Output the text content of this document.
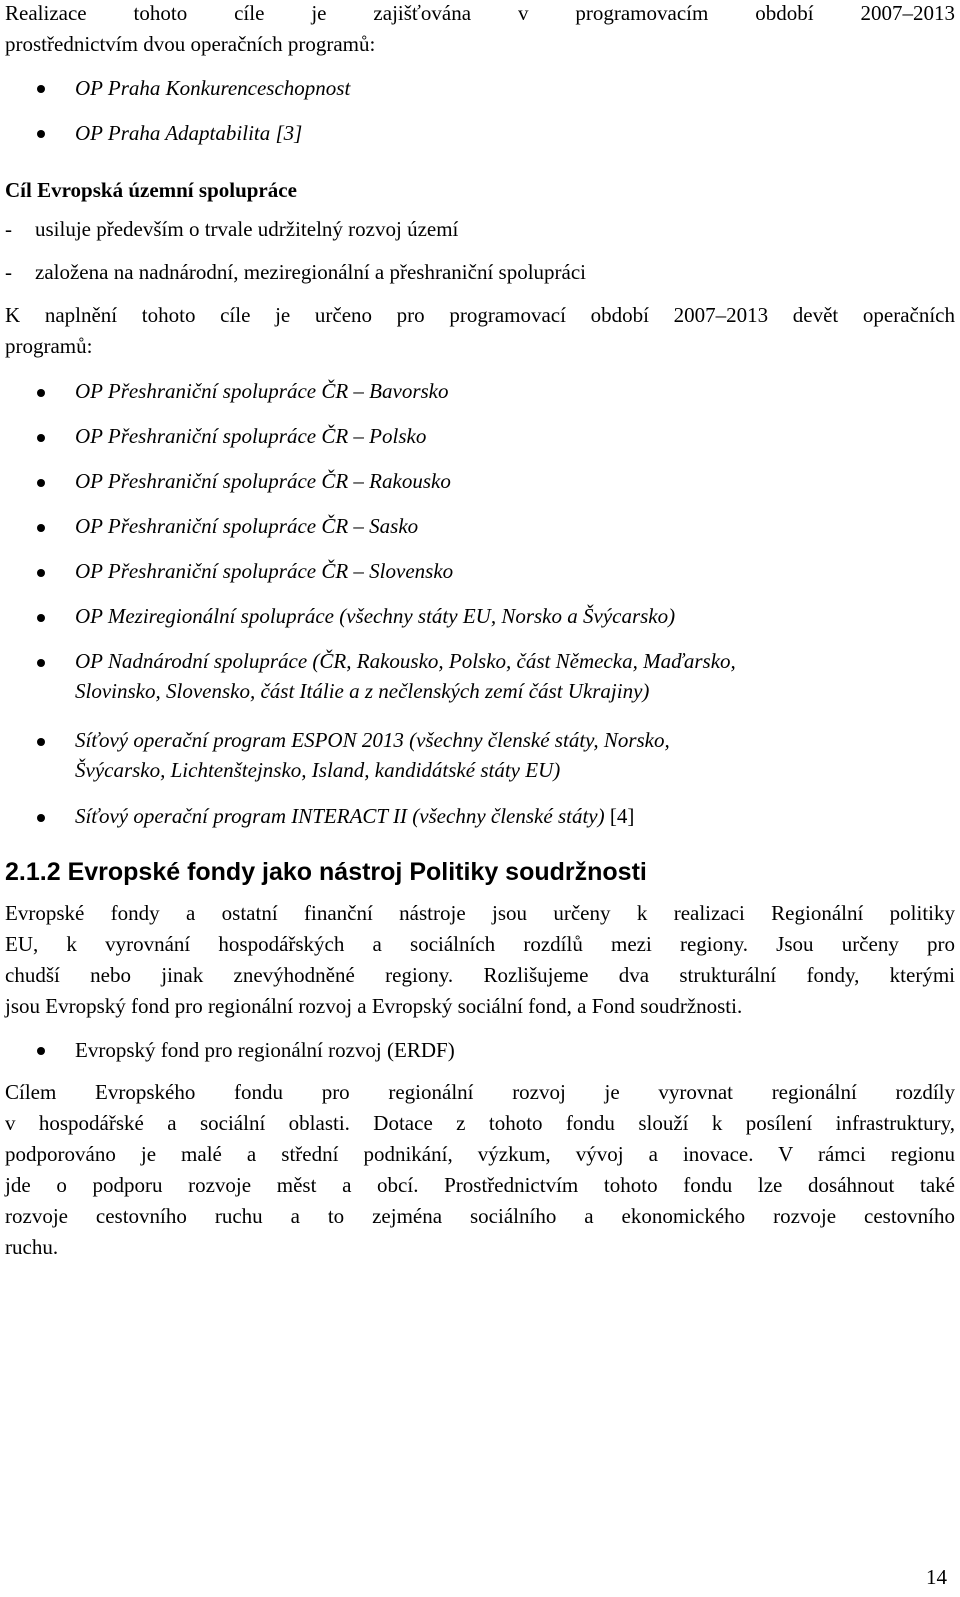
Realizace tohoto cíle je zajišťována v programovacím období 2007–2013
prostřednictvím dvou operačních programů:
OP Praha Konkurenceschopnost
OP Praha Adaptabilita [3]
Cíl Evropská územní spolupráce
- usiluje především o trvale udržitelný rozvoj území
- založena na nadnárodní, meziregionální a přeshraniční spolupráci
K naplnění tohoto cíle je určeno pro programovací období 2007–2013 devět operačních
programů:
OP Přeshraniční spolupráce ČR – Bavorsko
OP Přeshraniční spolupráce ČR – Polsko
OP Přeshraniční spolupráce ČR – Rakousko
OP Přeshraniční spolupráce ČR – Sasko
OP Přeshraniční spolupráce ČR – Slovensko
OP Meziregionální spolupráce (všechny státy EU, Norsko a Švýcarsko)
OP Nadnárodní spolupráce (ČR, Rakousko, Polsko, část Německa, Maďarsko,
Slovinsko, Slovensko, část Itálie a z nečlenských zemí část Ukrajiny)
Síťový operační program ESPON 2013 (všechny členské státy, Norsko,
Švýcarsko, Lichtenštejnsko, Island, kandidátské státy EU)
Síťový operační program INTERACT II (všechny členské státy) [4]
2.1.2 Evropské fondy jako nástroj Politiky soudržnosti
Evropské fondy a ostatní finanční nástroje jsou určeny k realizaci Regionální politiky
EU, k vyrovnání hospodářských a sociálních rozdílů mezi regiony. Jsou určeny pro
chudší nebo jinak znevýhodněné regiony. Rozlišujeme dva strukturální fondy, kterými
jsou Evropský fond pro regionální rozvoj a Evropský sociální fond, a Fond soudržnosti.
Evropský fond pro regionální rozvoj (ERDF)
Cílem Evropského fondu pro regionální rozvoj je vyrovnat regionální rozdíly
v hospodářské a sociální oblasti. Dotace z tohoto fondu slouží k posílení infrastruktury,
podporováno je malé a střední podnikání, výzkum, vývoj a inovace. V rámci regionu
jde o podporu rozvoje měst a obcí. Prostřednictvím tohoto fondu lze dosáhnout také
rozvoje cestovního ruchu a to zejména sociálního a ekonomického rozvoje cestovního
ruchu.
14
